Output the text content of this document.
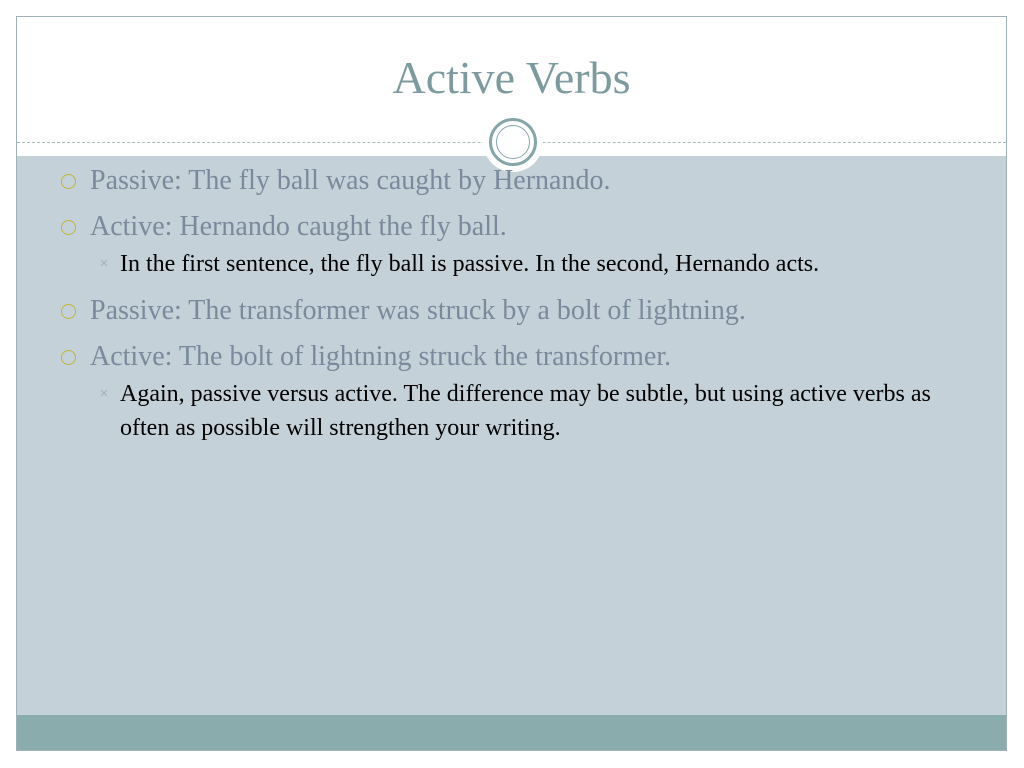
Active Verbs
Passive: The fly ball was caught by Hernando.
Active: Hernando caught the fly ball.
✕ In the first sentence, the fly ball is passive. In the second, Hernando acts.
Passive: The transformer was struck by a bolt of lightning.
Active: The bolt of lightning struck the transformer.
✕ Again, passive versus active. The difference may be subtle, but using active verbs as often as possible will strengthen your writing.
